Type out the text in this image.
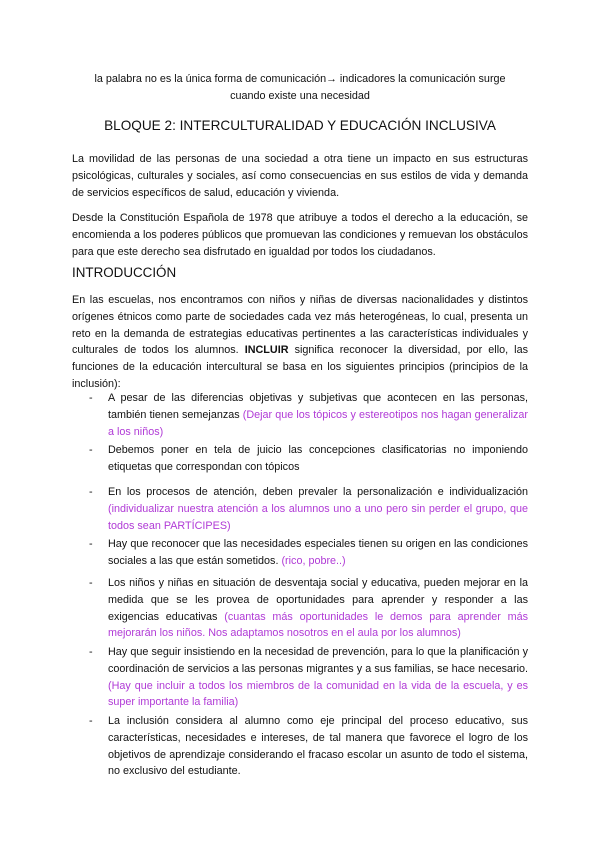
la palabra no es la única forma de comunicación→ indicadores la comunicación surge
cuando existe una necesidad
BLOQUE 2: INTERCULTURALIDAD Y EDUCACIÓN INCLUSIVA

La movilidad de las personas de una sociedad a otra tiene un impacto en sus estructuras psicológicas, culturales y sociales, así como consecuencias en sus estilos de vida y demanda de servicios específicos de salud, educación y vivienda.

Desde la Constitución Española de 1978 que atribuye a todos el derecho a la educación, se encomienda a los poderes públicos que promuevan las condiciones y remuevan los obstáculos para que este derecho sea disfrutado en igualdad por todos los ciudadanos.

INTRODUCCIÓN

En las escuelas, nos encontramos con niños y niñas de diversas nacionalidades y distintos orígenes étnicos como parte de sociedades cada vez más heterogéneas, lo cual, presenta un reto en la demanda de estrategias educativas pertinentes a las características individuales y culturales de todos los alumnos. INCLUIR significa reconocer la diversidad, por ello, las funciones de la educación intercultural se basa en los siguientes principios (principios de la inclusión):

- A pesar de las diferencias objetivas y subjetivas que acontecen en las personas, también tienen semejanzas (Dejar que los tópicos y estereotipos nos hagan generalizar a los niños)
- Debemos poner en tela de juicio las concepciones clasificatorias no imponiendo etiquetas que correspondan con tópicos
- En los procesos de atención, deben prevaler la personalización e individualización (individualizar nuestra atención a los alumnos uno a uno pero sin perder el grupo, que todos sean PARTÍCIPES)
- Hay que reconocer que las necesidades especiales tienen su origen en las condiciones sociales a las que están sometidos. (rico, pobre..)
- Los niños y niñas en situación de desventaja social y educativa, pueden mejorar en la medida que se les provea de oportunidades para aprender y responder a las exigencias educativas (cuantas más oportunidades le demos para aprender más mejorarán los niños. Nos adaptamos nosotros en el aula por los alumnos)
- Hay que seguir insistiendo en la necesidad de prevención, para lo que la planificación y coordinación de servicios a las personas migrantes y a sus familias, se hace necesario. (Hay que incluir a todos los miembros de la comunidad en la vida de la escuela, y es super importante la familia)
- La inclusión considera al alumno como eje principal del proceso educativo, sus características, necesidades e intereses, de tal manera que favorece el logro de los objetivos de aprendizaje considerando el fracaso escolar un asunto de todo el sistema, no exclusivo del estudiante.
